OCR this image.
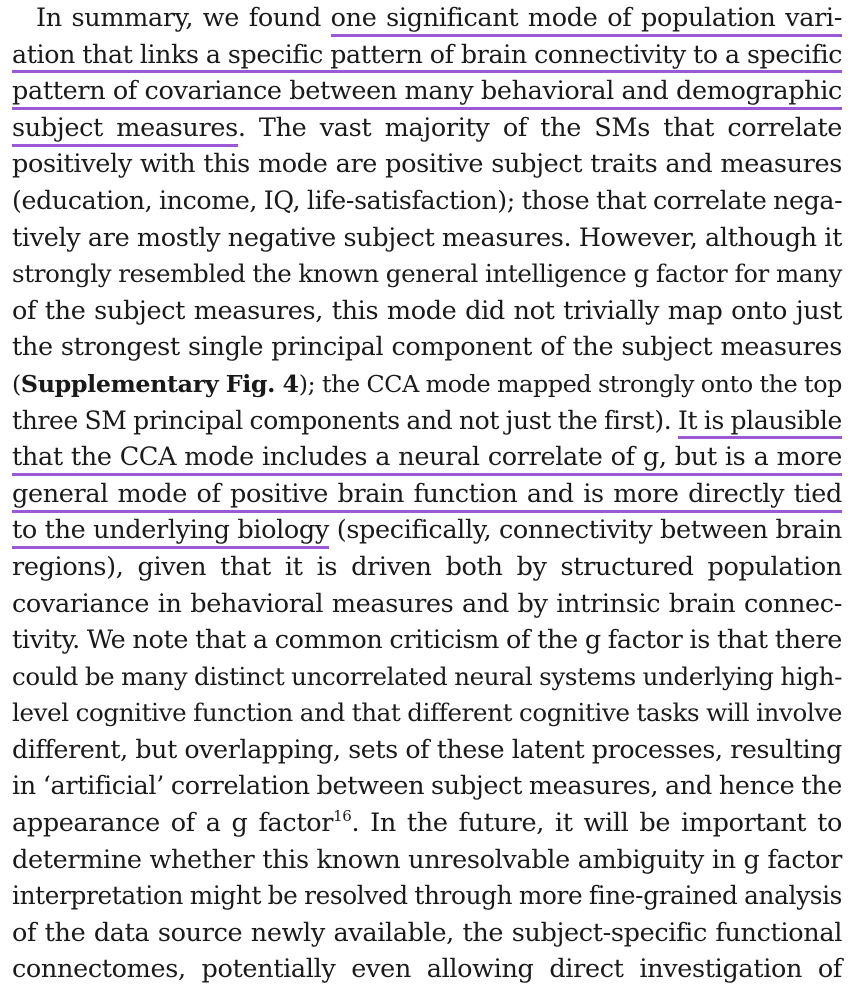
In summary, we found one significant mode of population vari-
ation that links a specific pattern of brain connectivity to a specific
pattern of covariance between many behavioral and demographic
subject measures. The vast majority of the SMs that correlate
positively with this mode are positive subject traits and measures
(education, income, IQ, life-satisfaction); those that correlate nega-
tively are mostly negative subject measures. However, although it
strongly resembled the known general intelligence g factor for many
of the subject measures, this mode did not trivially map onto just
the strongest single principal component of the subject measures
(Supplementary Fig. 4); the CCA mode mapped strongly onto the top
three SM principal components and not just the first). It is plausible
that the CCA mode includes a neural correlate of g, but is a more
general mode of positive brain function and is more directly tied
to the underlying biology (specifically, connectivity between brain
regions), given that it is driven both by structured population
covariance in behavioral measures and by intrinsic brain connec-
tivity. We note that a common criticism of the g factor is that there
could be many distinct uncorrelated neural systems underlying high-
level cognitive function and that different cognitive tasks will involve
different, but overlapping, sets of these latent processes, resulting
in ‘artificial’ correlation between subject measures, and hence the
appearance of a g factor$^{16}$. In the future, it will be important to
determine whether this known unresolvable ambiguity in g factor
interpretation might be resolved through more fine-grained analysis
of the data source newly available, the subject-specific functional
connectomes, potentially even allowing direct investigation of
